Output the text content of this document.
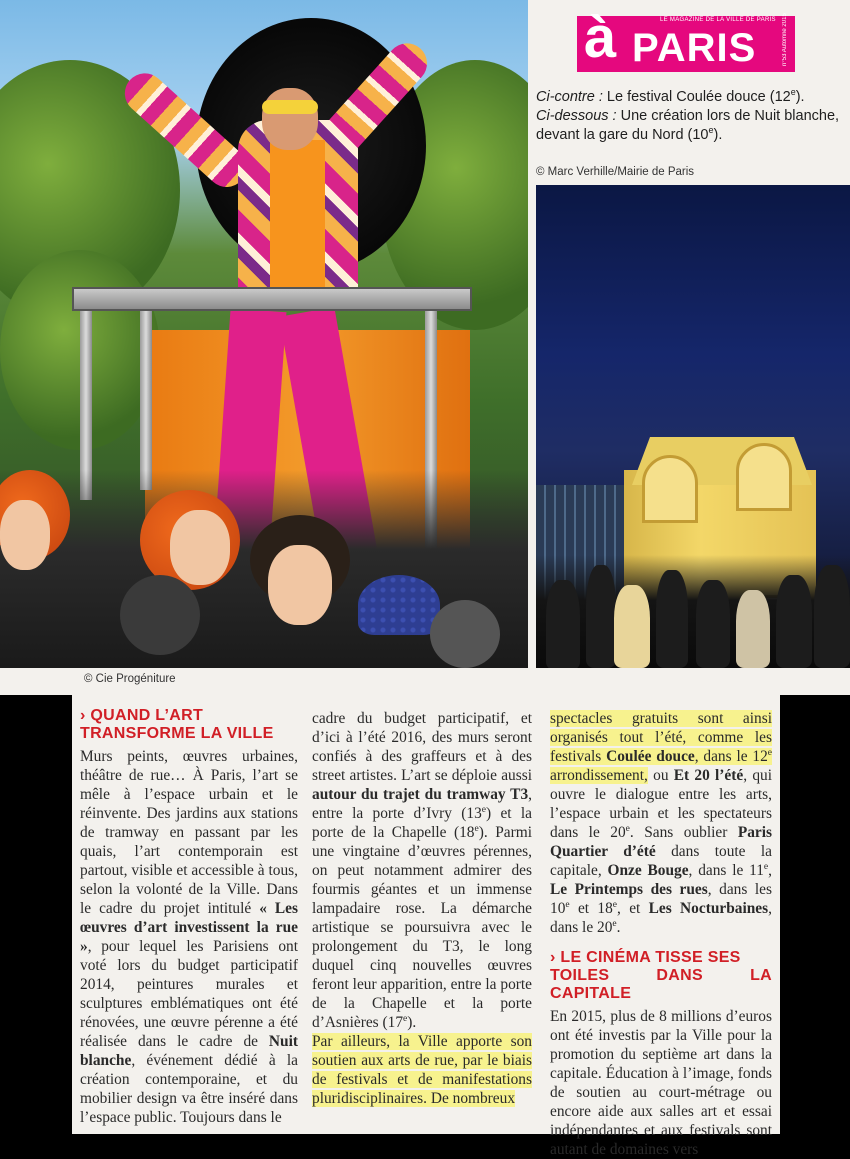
LE MAGAZINE DE LA VILLE DE PARIS
à PARIS	n°53 Automne 2015
Ci-contre : Le festival Coulée douce (12e).
Ci-dessous : Une création lors de Nuit blanche, devant la gare du Nord (10e).
© Marc Verhille/Mairie de Paris
© Cie Progéniture
› QUAND L’ART
TRANSFORME LA VILLE

Murs peints, œuvres urbaines, théâtre de rue… À Paris, l’art se mêle à l’espace urbain et le réinvente. Des jardins aux stations de tramway en passant par les quais, l’art contemporain est partout, visible et accessible à tous, selon la volonté de la Ville. Dans le cadre du projet intitulé « Les œuvres d’art investissent la rue », pour lequel les Parisiens ont voté lors du budget participatif 2014, peintures murales et sculptures emblématiques ont été rénovées, une œuvre pérenne a été réalisée dans le cadre de Nuit blanche, événement dédié à la création contemporaine, et du mobilier design va être inséré dans l’espace public. Toujours dans le

cadre du budget participatif, et d’ici à l’été 2016, des murs seront confiés à des graffeurs et à des street artistes. L’art se déploie aussi autour du trajet du tramway T3, entre la porte d’Ivry (13e) et la porte de la Chapelle (18e). Parmi une vingtaine d’œuvres pérennes, on peut notamment admirer des fourmis géantes et un immense lampadaire rose. La démarche artistique se poursuivra avec le prolongement du T3, le long duquel cinq nouvelles œuvres feront leur apparition, entre la porte de la Chapelle et la porte d’Asnières (17e).

Par ailleurs, la Ville apporte son soutien aux arts de rue, par le biais de festivals et de manifestations pluridisciplinaires. De nombreux

spectacles gratuits sont ainsi organisés tout l’été, comme les festivals Coulée douce, dans le 12e arrondissement, ou Et 20 l’été, qui ouvre le dialogue entre les arts, l’espace urbain et les spectateurs dans le 20e. Sans oublier Paris Quartier d’été dans toute la capitale, Onze Bouge, dans le 11e, Le Printemps des rues, dans les 10e et 18e, et Les Nocturbaines, dans le 20e.

› LE CINÉMA TISSE SES
TOILES DANS LA CAPITALE

En 2015, plus de 8 millions d’euros ont été investis par la Ville pour la promotion du septième art dans la capitale. Éducation à l’image, fonds de soutien au court-métrage ou encore aide aux salles art et essai indépendantes et aux festivals sont autant de domaines vers
